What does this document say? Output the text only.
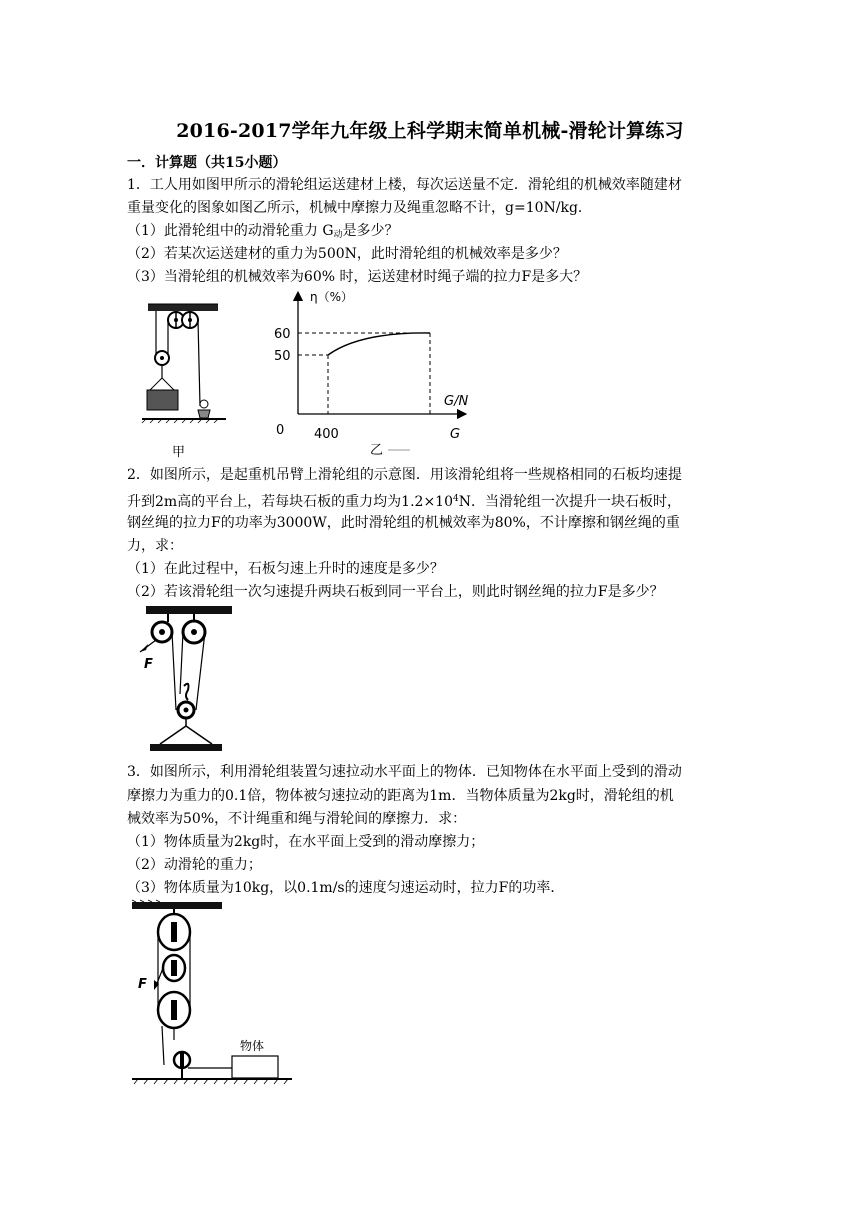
2016-2017学年九年级上科学期末简单机械-滑轮计算练习
一．计算题（共15小题）
1．工人用如图甲所示的滑轮组运送建材上楼，每次运送量不定．滑轮组的机械效率随建材
重量变化的图象如图乙所示，机械中摩擦力及绳重忽略不计，g=10N/kg．
（1）此滑轮组中的动滑轮重力 $G_动$是多少？
（2）若某次运送建材的重力为500N，此时滑轮组的机械效率是多少？
（3）当滑轮组的机械效率为60% 时，运送建材时绳子端的拉力F是多大？
甲
η（%）
60
50
0 400
G/N
G
乙
2．如图所示，是起重机吊臂上滑轮组的示意图．用该滑轮组将一些规格相同的石板均速提
升到2m高的平台上，若每块石板的重力均为$1.2\times 10^4N$．当滑轮组一次提升一块石板时，
钢丝绳的拉力F的功率为3000W，此时滑轮组的机械效率为80%，不计摩擦和钢丝绳的重
力，求：
（1）在此过程中，石板匀速上升时的速度是多少？
（2）若该滑轮组一次匀速提升两块石板到同一平台上，则此时钢丝绳的拉力F是多少？
F
3．如图所示，利用滑轮组装置匀速拉动水平面上的物体．已知物体在水平面上受到的滑动
摩擦力为重力的0.1倍，物体被匀速拉动的距离为1m．当物体质量为2kg时，滑轮组的机
械效率为50%，不计绳重和绳与滑轮间的摩擦力．求：
（1）物体质量为2kg时，在水平面上受到的滑动摩擦力；
（2）动滑轮的重力；
（3）物体质量为10kg，以0.1m/s的速度匀速运动时，拉力F的功率．
F
物体
